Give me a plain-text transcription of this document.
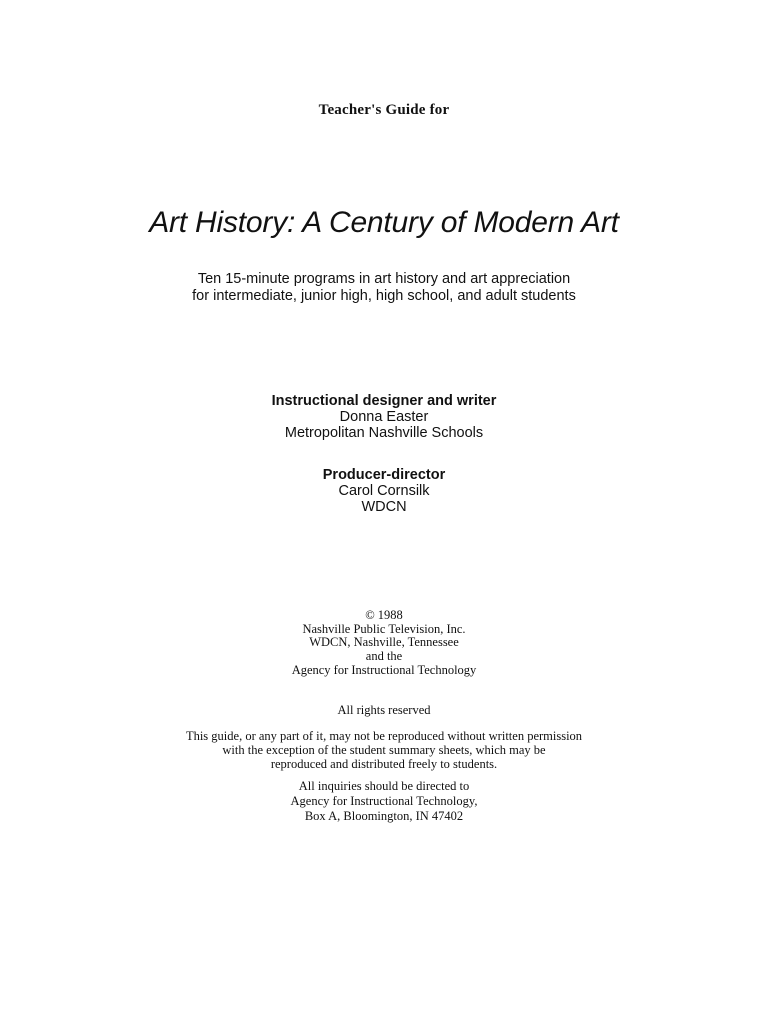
Teacher's Guide for
Art History: A Century of Modern Art
Ten 15-minute programs in art history and art appreciation
for intermediate, junior high, high school, and adult students
Instructional designer and writer
Donna Easter
Metropolitan Nashville Schools
Producer-director
Carol Cornsilk
WDCN
© 1988
Nashville Public Television, Inc.
WDCN, Nashville, Tennessee
and the
Agency for Instructional Technology
All rights reserved
This guide, or any part of it, may not be reproduced without written permission
with the exception of the student summary sheets, which may be
reproduced and distributed freely to students.
All inquiries should be directed to
Agency for Instructional Technology,
Box A, Bloomington, IN 47402
